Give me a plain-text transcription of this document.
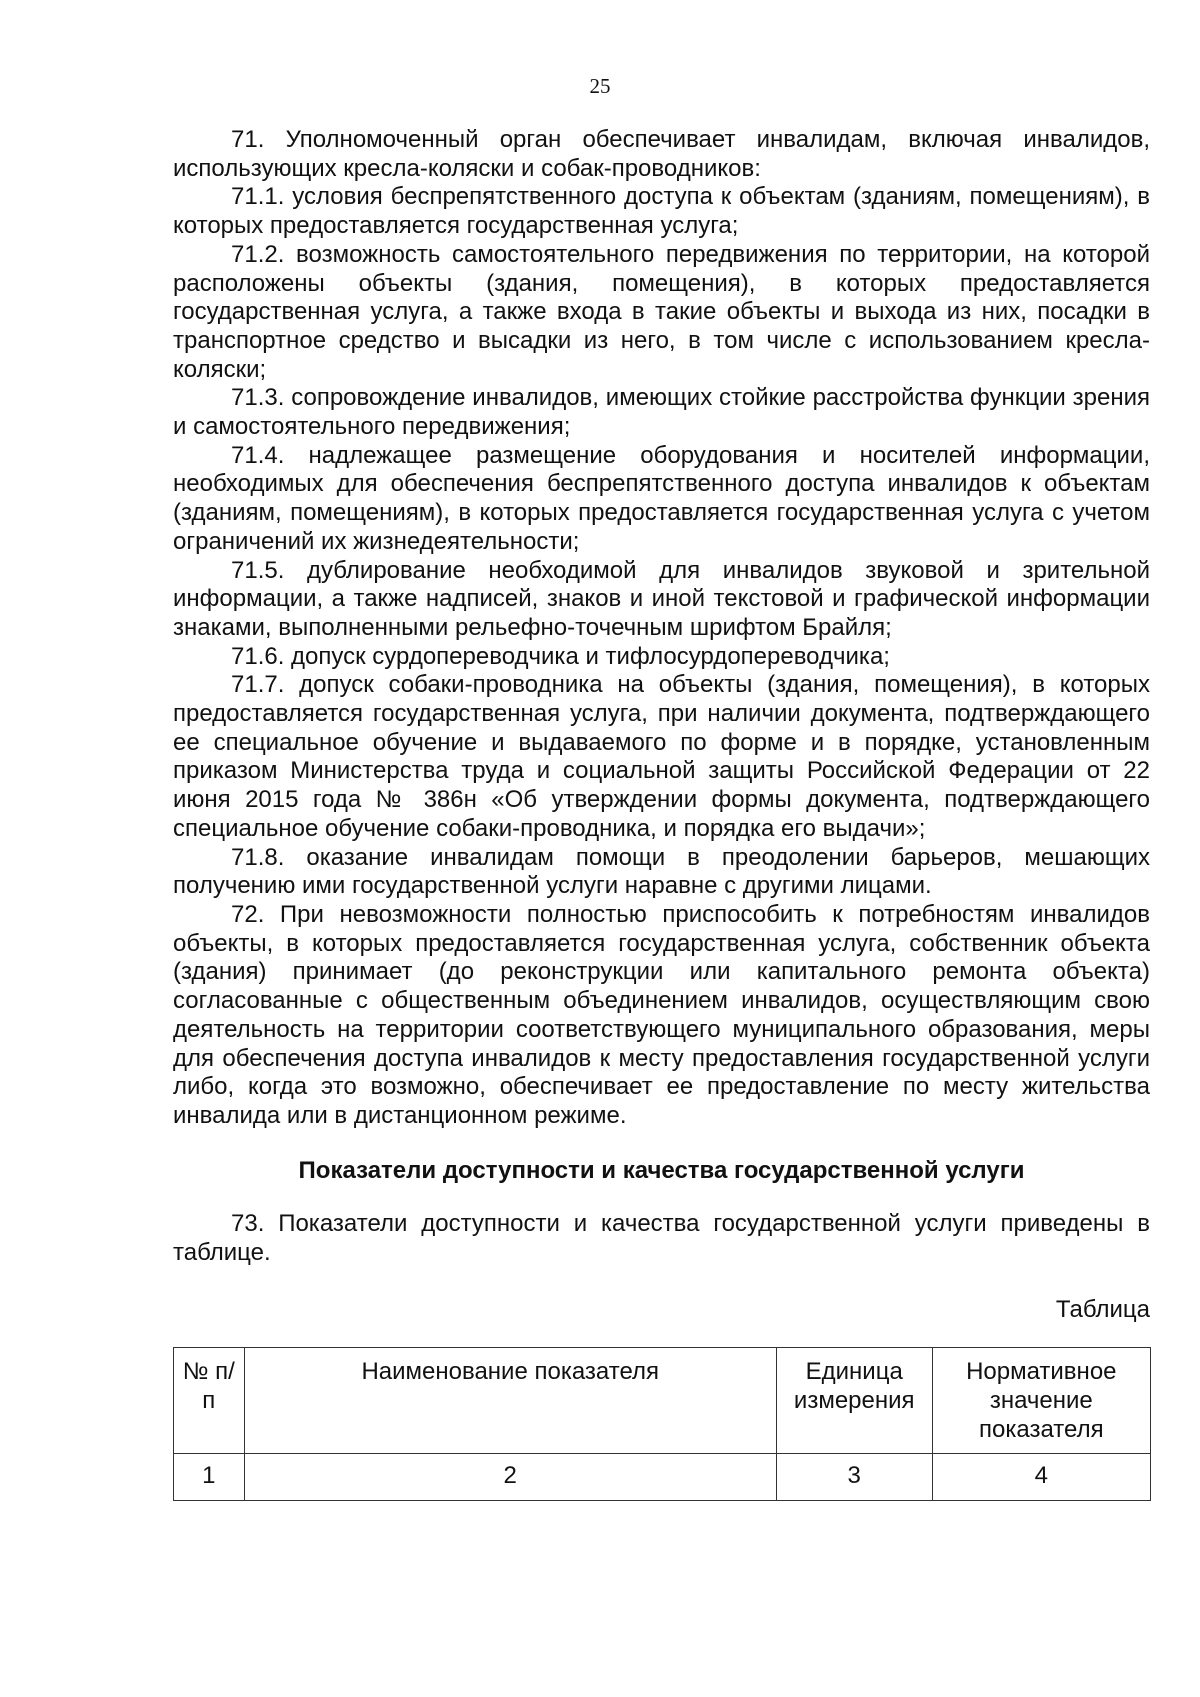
25

71. Уполномоченный орган обеспечивает инвалидам, включая инвалидов, использующих кресла-коляски и собак-проводников:

71.1. условия беспрепятственного доступа к объектам (зданиям, помещениям), в которых предоставляется государственная услуга;

71.2. возможность самостоятельного передвижения по территории, на которой расположены объекты (здания, помещения), в которых предоставляется государственная услуга, а также входа в такие объекты и выхода из них, посадки в транспортное средство и высадки из него, в том числе с использованием кресла-коляски;

71.3. сопровождение инвалидов, имеющих стойкие расстройства функции зрения и самостоятельного передвижения;

71.4. надлежащее размещение оборудования и носителей информации, необходимых для обеспечения беспрепятственного доступа инвалидов к объектам (зданиям, помещениям), в которых предоставляется государственная услуга с учетом ограничений их жизнедеятельности;

71.5. дублирование необходимой для инвалидов звуковой и зрительной информации, а также надписей, знаков и иной текстовой и графической информации знаками, выполненными рельефно-точечным шрифтом Брайля;

71.6. допуск сурдопереводчика и тифлосурдопереводчика;

71.7. допуск собаки-проводника на объекты (здания, помещения), в которых предоставляется государственная услуга, при наличии документа, подтверждающего ее специальное обучение и выдаваемого по форме и в порядке, установленным приказом Министерства труда и социальной защиты Российской Федерации от 22 июня 2015 года № 386н «Об утверждении формы документа, подтверждающего специальное обучение собаки-проводника, и порядка его выдачи»;

71.8. оказание инвалидам помощи в преодолении барьеров, мешающих получению ими государственной услуги наравне с другими лицами.

72. При невозможности полностью приспособить к потребностям инвалидов объекты, в которых предоставляется государственная услуга, собственник объекта (здания) принимает (до реконструкции или капитального ремонта объекта) согласованные с общественным объединением инвалидов, осуществляющим свою деятельность на территории соответствующего муниципального образования, меры для обеспечения доступа инвалидов к месту предоставления государственной услуги либо, когда это возможно, обеспечивает ее предоставление по месту жительства инвалида или в дистанционном режиме.

Показатели доступности и качества государственной услуги

73. Показатели доступности и качества государственной услуги приведены в таблице.

Таблица

№ п/п	Наименование показателя	Единица измерения	Нормативное значение показателя
1	2	3	4
